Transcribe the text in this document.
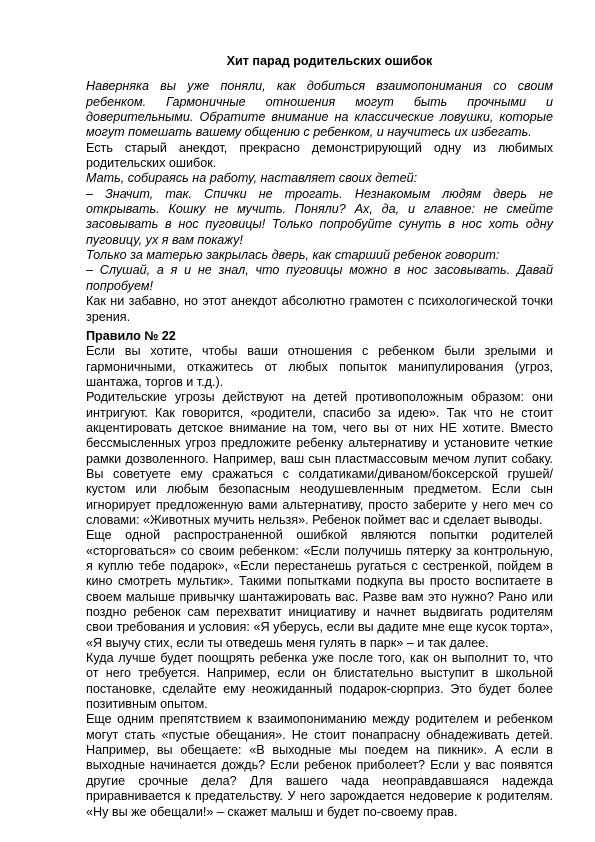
Хит парад родительских ошибок

Наверняка вы уже поняли, как добиться взаимопонимания со своим ребенком. Гармоничные отношения могут быть прочными и доверительными. Обратите внимание на классические ловушки, которые могут помешать вашему общению с ребенком, и научитесь их избегать.

Есть старый анекдот, прекрасно демонстрирующий одну из любимых родительских ошибок.

Мать, собираясь на работу, наставляет своих детей:

– Значит, так. Спички не трогать. Незнакомым людям дверь не открывать. Кошку не мучить. Поняли? Ах, да, и главное: не смейте засовывать в нос пуговицы! Только попробуйте сунуть в нос хоть одну пуговицу, ух я вам покажу!

Только за матерью закрылась дверь, как старший ребенок говорит:

– Слушай, а я и не знал, что пуговицы можно в нос засовывать. Давай попробуем!

Как ни забавно, но этот анекдот абсолютно грамотен с психологической точки зрения.

Правило № 22

Если вы хотите, чтобы ваши отношения с ребенком были зрелыми и гармоничными, откажитесь от любых попыток манипулирования (угроз, шантажа, торгов и т.д.).

Родительские угрозы действуют на детей противоположным образом: они интригуют. Как говорится, «родители, спасибо за идею». Так что не стоит акцентировать детское внимание на том, чего вы от них НЕ хотите. Вместо бессмысленных угроз предложите ребенку альтернативу и установите четкие рамки дозволенного. Например, ваш сын пластмассовым мечом лупит собаку. Вы советуете ему сражаться с солдатиками/диваном/боксерской грушей/кустом или любым безопасным неодушевленным предметом. Если сын игнорирует предложенную вами альтернативу, просто заберите у него меч со словами: «Животных мучить нельзя». Ребенок поймет вас и сделает выводы.

Еще одной распространенной ошибкой являются попытки родителей «сторговаться» со своим ребенком: «Если получишь пятерку за контрольную, я куплю тебе подарок», «Если перестанешь ругаться с сестренкой, пойдем в кино смотреть мультик». Такими попытками подкупа вы просто воспитаете в своем малыше привычку шантажировать вас. Разве вам это нужно? Рано или поздно ребенок сам перехватит инициативу и начнет выдвигать родителям свои требования и условия: «Я уберусь, если вы дадите мне еще кусок торта», «Я выучу стих, если ты отведешь меня гулять в парк» – и так далее.

Куда лучше будет поощрять ребенка уже после того, как он выполнит то, что от него требуется. Например, если он блистательно выступит в школьной постановке, сделайте ему неожиданный подарок-сюрприз. Это будет более позитивным опытом.

Еще одним препятствием к взаимопониманию между родителем и ребенком могут стать «пустые обещания». Не стоит понапрасну обнадеживать детей. Например, вы обещаете: «В выходные мы поедем на пикник». А если в выходные начинается дождь? Если ребенок приболеет? Если у вас появятся другие срочные дела? Для вашего чада неоправдавшаяся надежда приравнивается к предательству. У него зарождается недоверие к родителям. «Ну вы же обещали!» – скажет малыш и будет по-своему прав.
